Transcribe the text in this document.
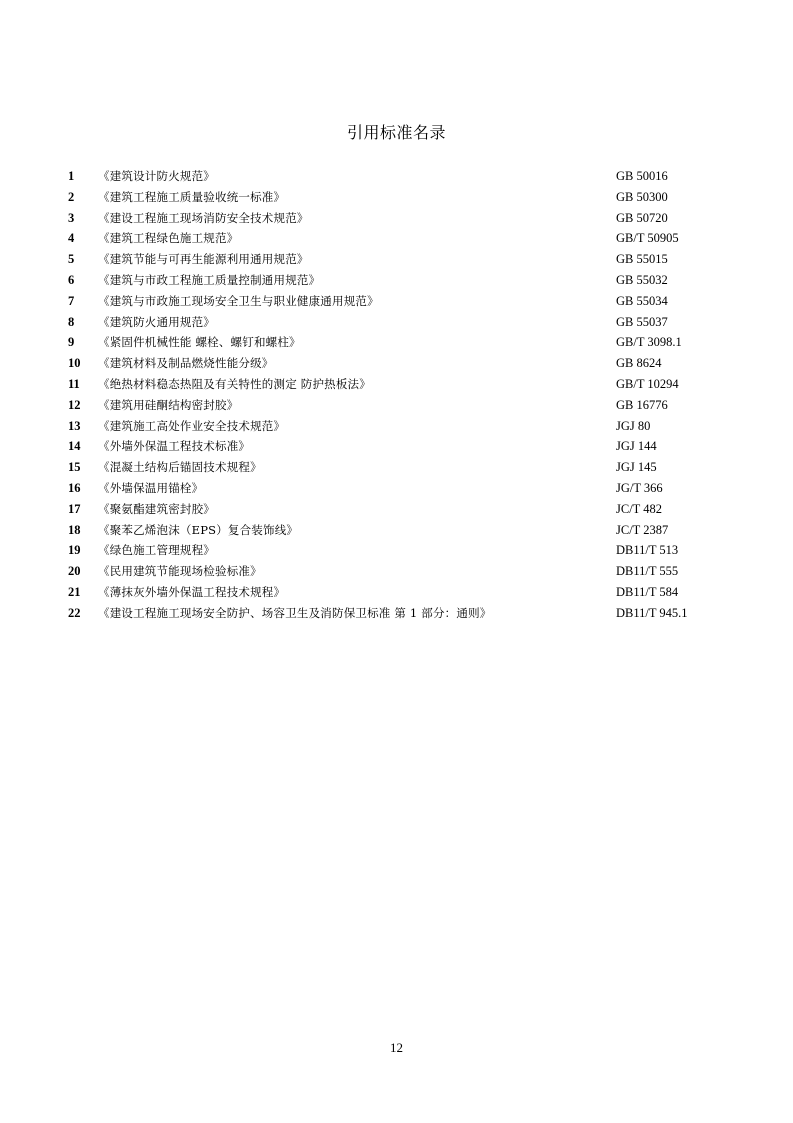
引用标准名录
1	《建筑设计防火规范》	GB 50016
2	《建筑工程施工质量验收统一标准》	GB 50300
3	《建设工程施工现场消防安全技术规范》	GB 50720
4	《建筑工程绿色施工规范》	GB/T 50905
5	《建筑节能与可再生能源利用通用规范》	GB 55015
6	《建筑与市政工程施工质量控制通用规范》	GB 55032
7	《建筑与市政施工现场安全卫生与职业健康通用规范》	GB 55034
8	《建筑防火通用规范》	GB 55037
9	《紧固件机械性能 螺栓、螺钉和螺柱》	GB/T 3098.1
10	《建筑材料及制品燃烧性能分级》	GB 8624
11	《绝热材料稳态热阻及有关特性的测定 防护热板法》	GB/T 10294
12	《建筑用硅酮结构密封胶》	GB 16776
13	《建筑施工高处作业安全技术规范》	JGJ 80
14	《外墙外保温工程技术标准》	JGJ 144
15	《混凝土结构后锚固技术规程》	JGJ 145
16	《外墙保温用锚栓》	JG/T 366
17	《聚氨酯建筑密封胶》	JC/T 482
18	《聚苯乙烯泡沫（EPS）复合装饰线》	JC/T 2387
19	《绿色施工管理规程》	DB11/T 513
20	《民用建筑节能现场检验标准》	DB11/T 555
21	《薄抹灰外墙外保温工程技术规程》	DB11/T 584
22	《建设工程施工现场安全防护、场容卫生及消防保卫标准 第 1 部分：通则》	DB11/T 945.1
12
